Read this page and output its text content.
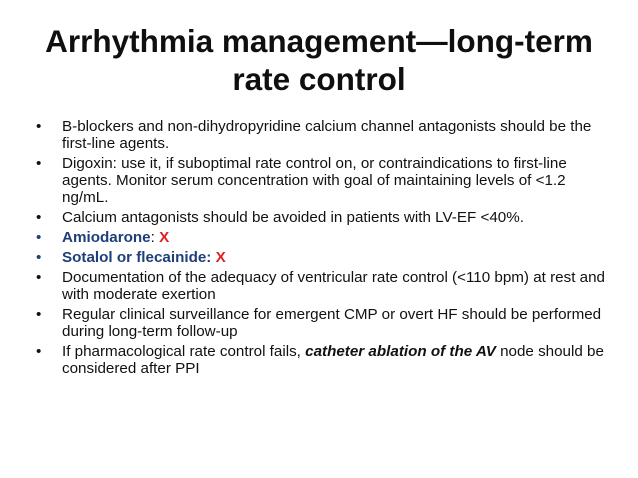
Arrhythmia management—long-term
rate control
•	B-blockers and non-dihydropyridine calcium channel antagonists should be the first-line agents.
•	Digoxin: use it, if suboptimal rate control on, or contraindications to first-line agents. Monitor serum concentration with goal of maintaining levels of <1.2 ng/mL.
•	Calcium antagonists should be avoided in patients with LV-EF <40%.
•	Amiodarone: X
•	Sotalol or flecainide: X
•	Documentation of the adequacy of ventricular rate control (<110 bpm) at rest and with moderate exertion
•	Regular clinical surveillance for emergent CMP or overt HF should be performed during long-term follow-up
•	If pharmacological rate control fails, catheter ablation of the AV node should be considered after PPI
